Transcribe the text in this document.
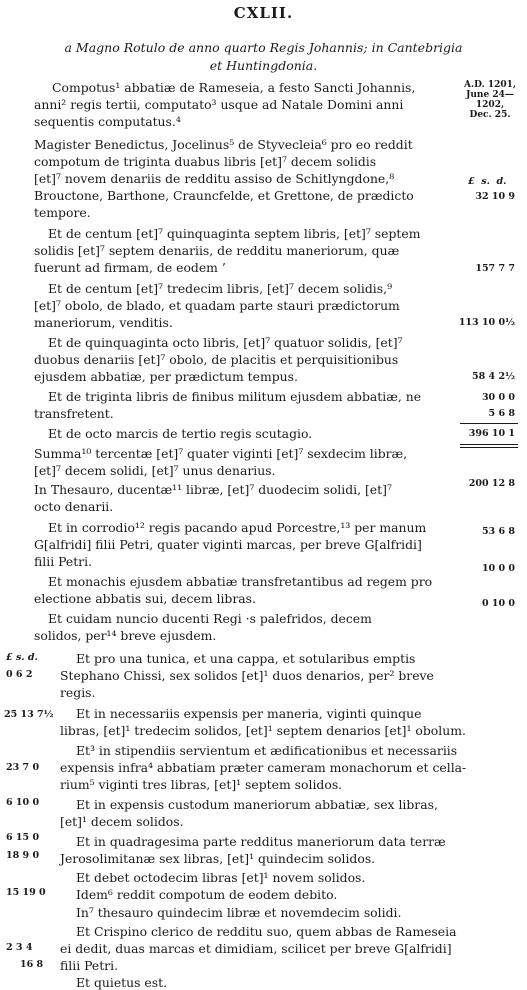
CXLII.
a Magno Rotulo de anno quarto Regis Johannis; in Cantebrigia
et Huntingdonia.
A.D. 1201,
June 24—
1202,
Dec. 25.
£ s. d.
£ s. d.
Compotus¹ abbatiæ de Rameseia, a festo Sancti Johannis,
anni² regis tertii, computato³ usque ad Natale Domini anni
sequentis computatus.⁴
Magister Benedictus, Jocelinus⁵ de Styvecleia⁶ pro eo reddit
compotum de triginta duabus libris [et]⁷ decem solidis
[et]⁷ novem denariis de redditu assiso de Schitlyngdone,⁸
Brouctone, Barthone, Crauncfelde, et Grettone, de prædicto
tempore.
Et de centum [et]⁷ quinquaginta septem libris, [et]⁷ septem
solidis [et]⁷ septem denariis, de redditu maneriorum, quæ
fuerunt ad firmam, de eodem ’
Et de centum [et]⁷ tredecim libris, [et]⁷ decem solidis,⁹
[et]⁷ obolo, de blado, et quadam parte stauri prædictorum
maneriorum, venditis.
Et de quinquaginta octo libris, [et]⁷ quatuor solidis, [et]⁷
duobus denariis [et]⁷ obolo, de placitis et perquisitionibus
ejusdem abbatiæ, per prædictum tempus.
Et de triginta libris de finibus militum ejusdem abbatiæ, ne
transfretent.
Et de octo marcis de tertio regis scutagio.
Summa¹⁰ tercentæ [et]⁷ quater viginti [et]⁷ sexdecim libræ,
[et]⁷ decem solidi, [et]⁷ unus denarius.
In Thesauro, ducentæ¹¹ libræ, [et]⁷ duodecim solidi, [et]⁷
octo denarii.
Et in corrodio¹² regis pacando apud Porcestre,¹³ per manum
G[alfridi] filii Petri, quater viginti marcas, per breve G[alfridi]
filii Petri.
Et monachis ejusdem abbatiæ transfretantibus ad regem pro
electione abbatis sui, decem libras.
Et cuidam nuncio ducenti Regi ·s palefridos, decem
solidos, per¹⁴ breve ejusdem.
Et pro una tunica, et una cappa, et sotularibus emptis
Stephano Chissi, sex solidos [et]¹ duos denarios, per² breve
regis.
Et in necessariis expensis per maneria, viginti quinque
libras, [et]¹ tredecim solidos, [et]¹ septem denarios [et]¹ obolum.
Et³ in stipendiis servientum et ædificationibus et necessariis
expensis infra⁴ abbatiam præter cameram monachorum et cella-
rium⁵ viginti tres libras, [et]¹ septem solidos.
Et in expensis custodum maneriorum abbatiæ, sex libras,
[et]¹ decem solidos.
Et in quadragesima parte redditus maneriorum data terræ
Jerosolimitanæ sex libras, [et]¹ quindecim solidos.
Et debet octodecim libras [et]¹ novem solidos.
Idem⁶ reddit compotum de eodem debito.
In⁷ thesauro quindecim libræ et novemdecim solidi.
Et Crispino clerico de redditu suo, quem abbas de Rameseia
ei dedit, duas marcas et dimidiam, scilicet per breve G[alfridi]
filii Petri.
32 10 9
157 7 7
113 10 0½
58 4 2½
30 0 0
5 6 8
396 10 1
200 12 8
53 6 8
10 0 0
0 10 0
0 6 2
25 13 7½
23 7 0
6 10 0
6 15 0
18 9 0
15 19 0
2 3 4
16 8
Et quietus est.
